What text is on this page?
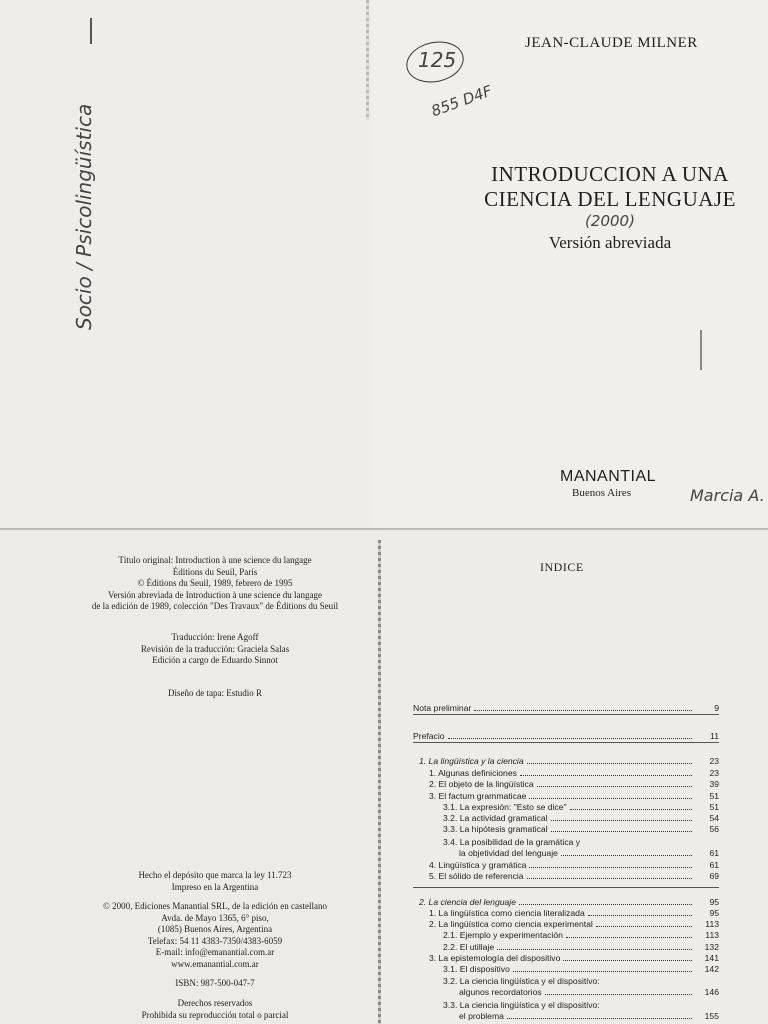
Socio / Psicolingüística
JEAN-CLAUDE MILNER
125
855 D4F
INTRODUCCION A UNA
CIENCIA DEL LENGUAJE
(2000)
Versión abreviada
MANANTIAL
Buenos Aires	Marcia A.
Título original: Introduction à une science du langage
Éditions du Seuil, París
© Éditions du Seuil, 1989, febrero de 1995
Versión abreviada de Introduction à une science du langage
de la edición de 1989, colección "Des Travaux" de Éditions du Seuil
Traducción: Irene Agoff
Revisión de la traducción: Graciela Salas
Edición a cargo de Eduardo Sinnot
Diseño de tapa: Estudio R
Hecho el depósito que marca la ley 11.723
Impreso en la Argentina
© 2000, Ediciones Manantial SRL, de la edición en castellano
Avda. de Mayo 1365, 6° piso,
(1085) Buenos Aires, Argentina
Telefax: 54 11 4383-7350/4383-6059
E-mail: info@emanantial.com.ar
www.emanantial.com.ar
ISBN: 987-500-047-7
Derechos reservados
Prohibida su reproducción total o parcial
INDICE
Nota preliminar	9
Prefacio	11
1. La lingüística y la ciencia	23
1. Algunas definiciones	23
2. El objeto de la lingüística	39
3. El factum grammaticae	51
3.1. La expresión: "Esto se dice"	51
3.2. La actividad gramatical	54
3.3. La hipótesis gramatical	56
3.4. La posibilidad de la gramática y
la objetividad del lenguaje	61
4. Lingüística y gramática	61
5. El sólido de referencia	69
2. La ciencia del lenguaje	95
1. La lingüística como ciencia literalizada	95
2. La lingüística como ciencia experimental	113
2.1. Ejemplo y experimentación	113
2.2. El utillaje	132
3. La epistemología del dispositivo	141
3.1. El dispositivo	142
3.2. La ciencia lingüística y el dispositivo:
algunos recordatorios	146
3.3. La ciencia lingüística y el dispositivo:
el problema	155
